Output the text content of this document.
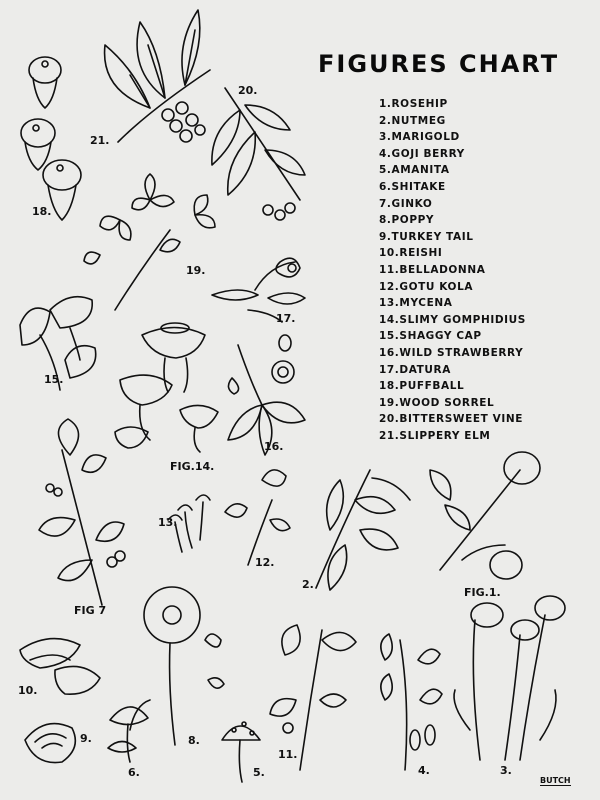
FIGURES CHART
1.ROSEHIP
2.NUTMEG
3.MARIGOLD
4.GOJI BERRY
5.AMANITA
6.SHITAKE
7.GINKO
8.POPPY
9.TURKEY TAIL
10.REISHI
11.BELLADONNA
12.GOTU KOLA
13.MYCENA
14.SLIMY GOMPHIDIUS
15.SHAGGY CAP
16.WILD STRAWBERRY
17.DATURA
18.PUFFBALL
19.WOOD SORREL
20.BITTERSWEET VINE
21.SLIPPERY ELM
FIG.1.
2.
3.
4.
5.
6.
FIG 7
8.
9.
10.
11.
12.
13.
FIG.14.
15.
16.
17.
18.
19.
20.
21.
BUTCH
